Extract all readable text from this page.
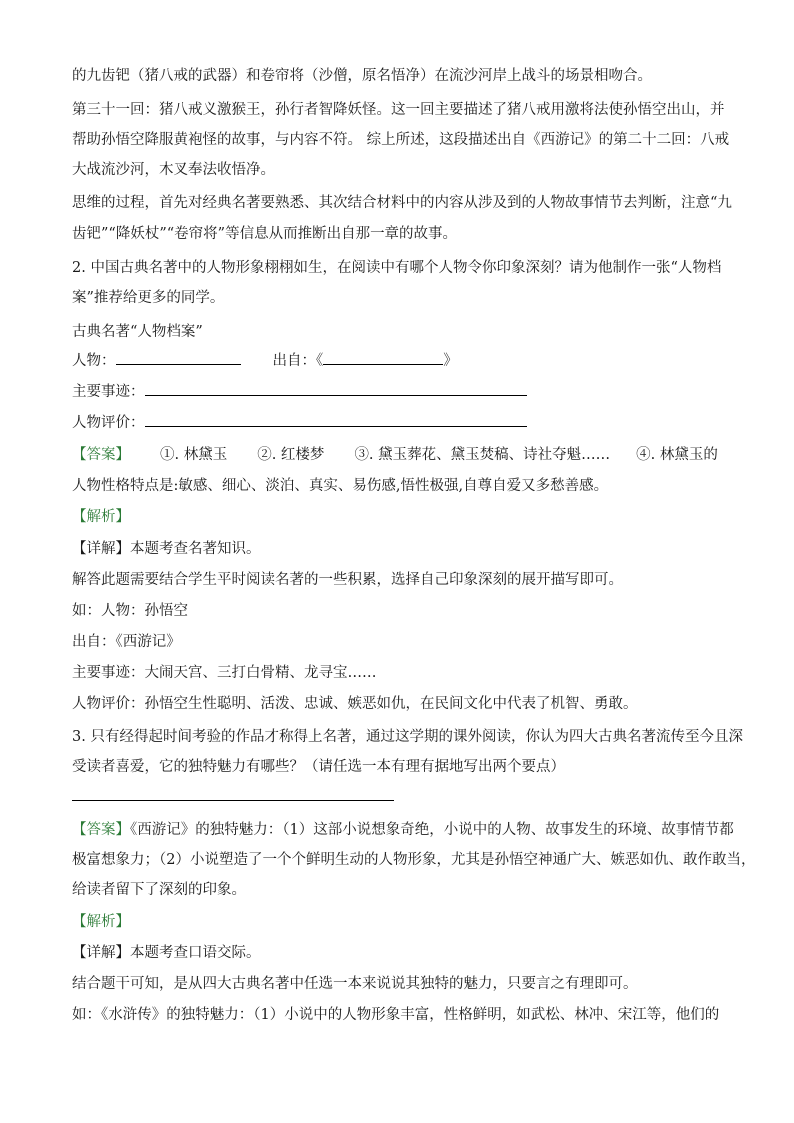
的九齿钯（猪八戒的武器）和卷帘将（沙僧，原名悟净）在流沙河岸上战斗的场景相吻合。
第三十一回：猪八戒义激猴王，孙行者智降妖怪。这一回主要描述了猪八戒用激将法使孙悟空出山，并
帮助孙悟空降服黄袍怪的故事，与内容不符。 综上所述，这段描述出自《西游记》的第二十二回：八戒
大战流沙河，木叉奉法收悟净。
思维的过程，首先对经典名著要熟悉、其次结合材料中的内容从涉及到的人物故事情节去判断，注意“九
齿钯”“降妖杖”“卷帘将”等信息从而推断出自那一章的故事。
2. 中国古典名著中的人物形象栩栩如生，在阅读中有哪个人物令你印象深刻？请为他制作一张“人物档
案”推荐给更多的同学。
古典名著“人物档案”
人物：	出自：《	》
主要事迹：
人物评价：
【答案】 ①. 林黛玉 ②. 红楼梦 ③. 黛玉葬花、黛玉焚稿、诗社夺魁…… ④. 林黛玉的
人物性格特点是:敏感、细心、淡泊、真实、易伤感,悟性极强,自尊自爱又多愁善感。
【解析】
【详解】本题考查名著知识。
解答此题需要结合学生平时阅读名著的一些积累，选择自己印象深刻的展开描写即可。
如：人物：孙悟空
出自：《西游记》
主要事迹：大闹天宫、三打白骨精、龙寻宝……
人物评价：孙悟空生性聪明、活泼、忠诚、嫉恶如仇，在民间文化中代表了机智、勇敢。
3. 只有经得起时间考验的作品才称得上名著，通过这学期的课外阅读，你认为四大古典名著流传至今且深
受读者喜爱，它的独特魅力有哪些？（请任选一本有理有据地写出两个要点）
【答案】《西游记》的独特魅力：（1）这部小说想象奇绝，小说中的人物、故事发生的环境、故事情节都
极富想象力；（2）小说塑造了一个个鲜明生动的人物形象，尤其是孙悟空神通广大、嫉恶如仇、敢作敢当，
给读者留下了深刻的印象。
【解析】
【详解】本题考查口语交际。
结合题干可知，是从四大古典名著中任选一本来说说其独特的魅力，只要言之有理即可。
如：《水浒传》的独特魅力：（1）小说中的人物形象丰富，性格鲜明，如武松、林冲、宋江等，他们的
